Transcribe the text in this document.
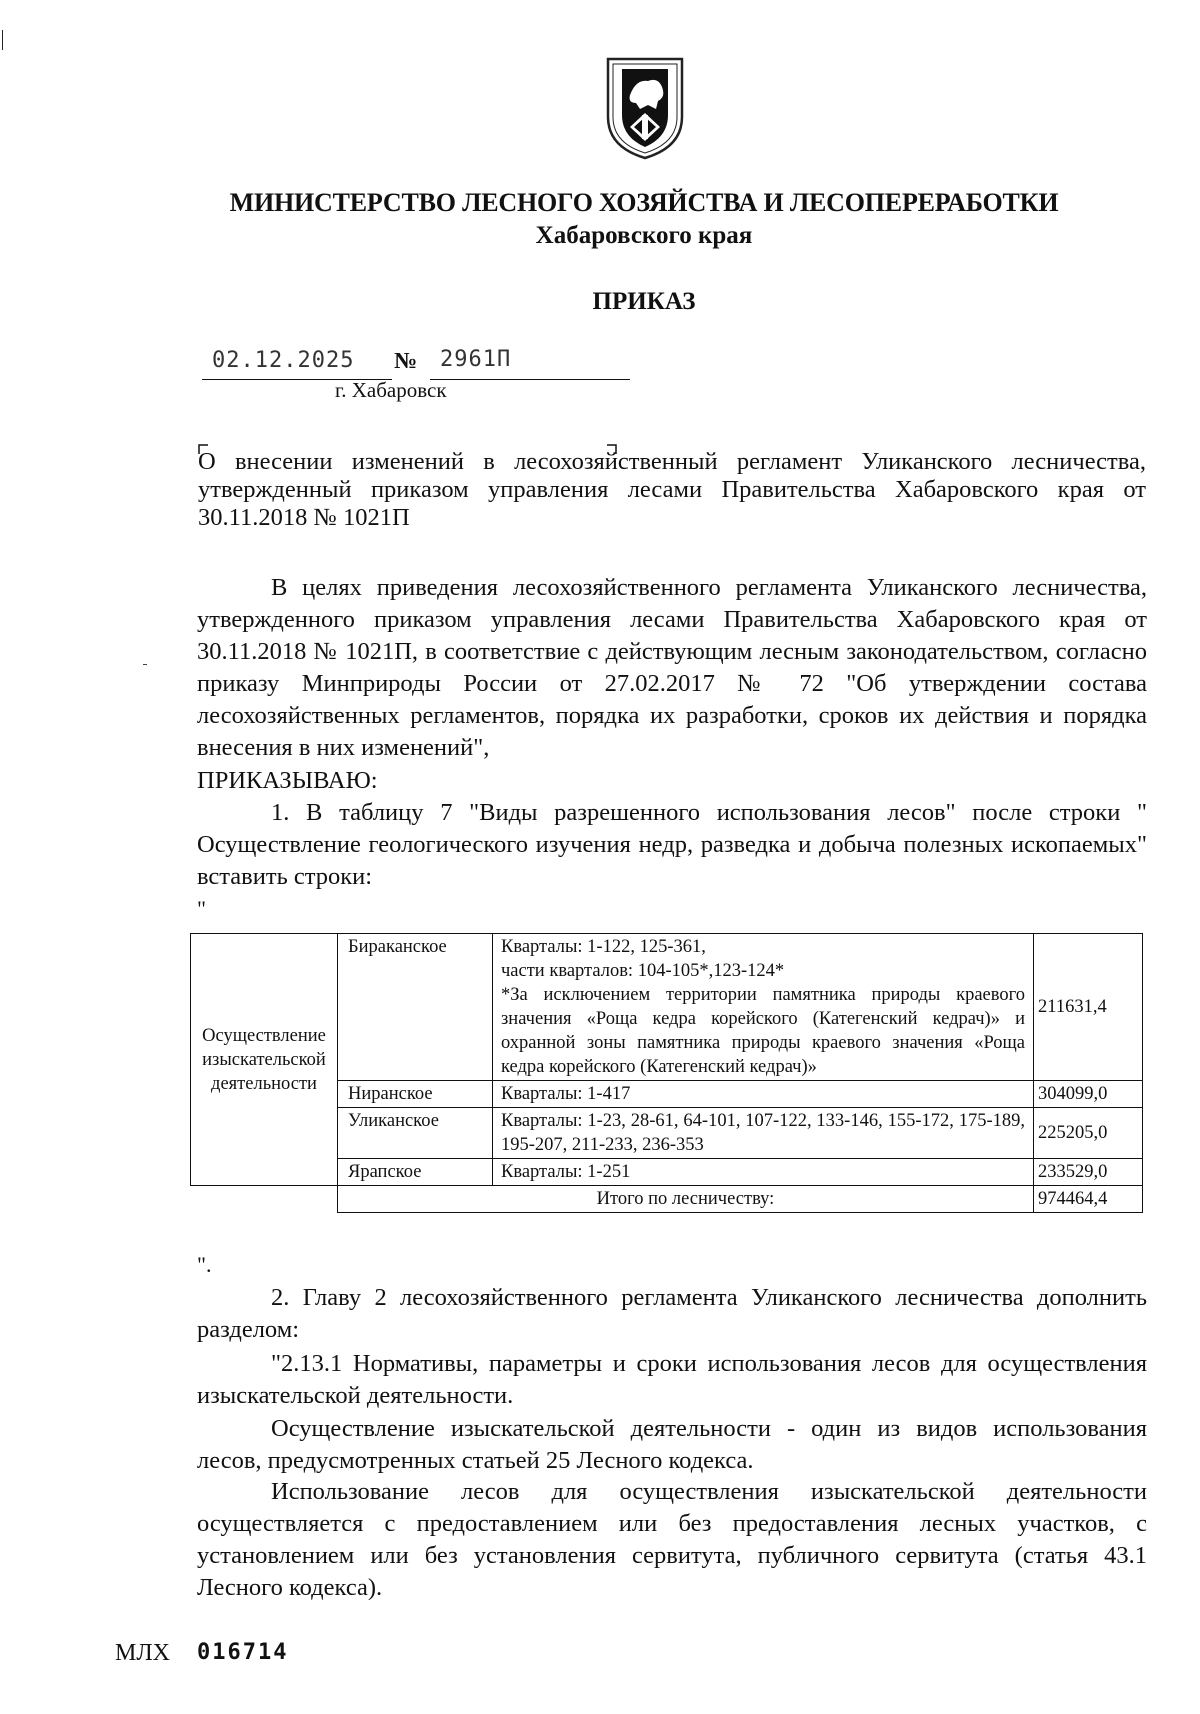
МИНИСТЕРСТВО ЛЕСНОГО ХОЗЯЙСТВА И ЛЕСОПЕРЕРАБОТКИ
Хабаровского края
ПРИКАЗ
02.12.2025 № 2961П
г. Хабаровск
О внесении изменений в лесохозяйственный регламент Уликанского лесничества, утвержденный приказом управления лесами Правительства Хабаровского края от 30.11.2018 № 1021П
В целях приведения лесохозяйственного регламента Уликанского лесничества, утвержденного приказом управления лесами Правительства Хабаровского края от 30.11.2018 № 1021П, в соответствие с действующим лесным законодательством, согласно приказу Минприроды России от 27.02.2017 № 72 "Об утверждении состава лесохозяйственных регламентов, порядка их разработки, сроков их действия и порядка внесения в них изменений",
ПРИКАЗЫВАЮ:
1. В таблицу 7 "Виды разрешенного использования лесов" после строки " Осуществление геологического изучения недр, разведка и добыча полезных ископаемых" вставить строки:
"
Осуществление изыскательской деятельности	Бираканское	Кварталы: 1-122, 125-361,
части кварталов: 104-105*,123-124*
*За исключением территории памятника природы краевого значения «Роща кедра корейского (Категенский кедрач)» и охранной зоны памятника природы краевого значения «Роща кедра корейского (Категенский кедрач)»	211631,4
	Ниранское	Кварталы: 1-417	304099,0
	Уликанское	Кварталы: 1-23, 28-61, 64-101, 107-122, 133-146, 155-172, 175-189, 195-207, 211-233, 236-353	225205,0
	Ярапское	Кварталы: 1-251	233529,0
	Итого по лесничеству:		974464,4
".
2. Главу 2 лесохозяйственного регламента Уликанского лесничества дополнить разделом:
"2.13.1 Нормативы, параметры и сроки использования лесов для осуществления изыскательской деятельности.
Осуществление изыскательской деятельности - один из видов использования лесов, предусмотренных статьей 25 Лесного кодекса.
Использование лесов для осуществления изыскательской деятельности осуществляется с предоставлением или без предоставления лесных участков, с установлением или без установления сервитута, публичного сервитута (статья 43.1 Лесного кодекса).
МЛХ 016714
